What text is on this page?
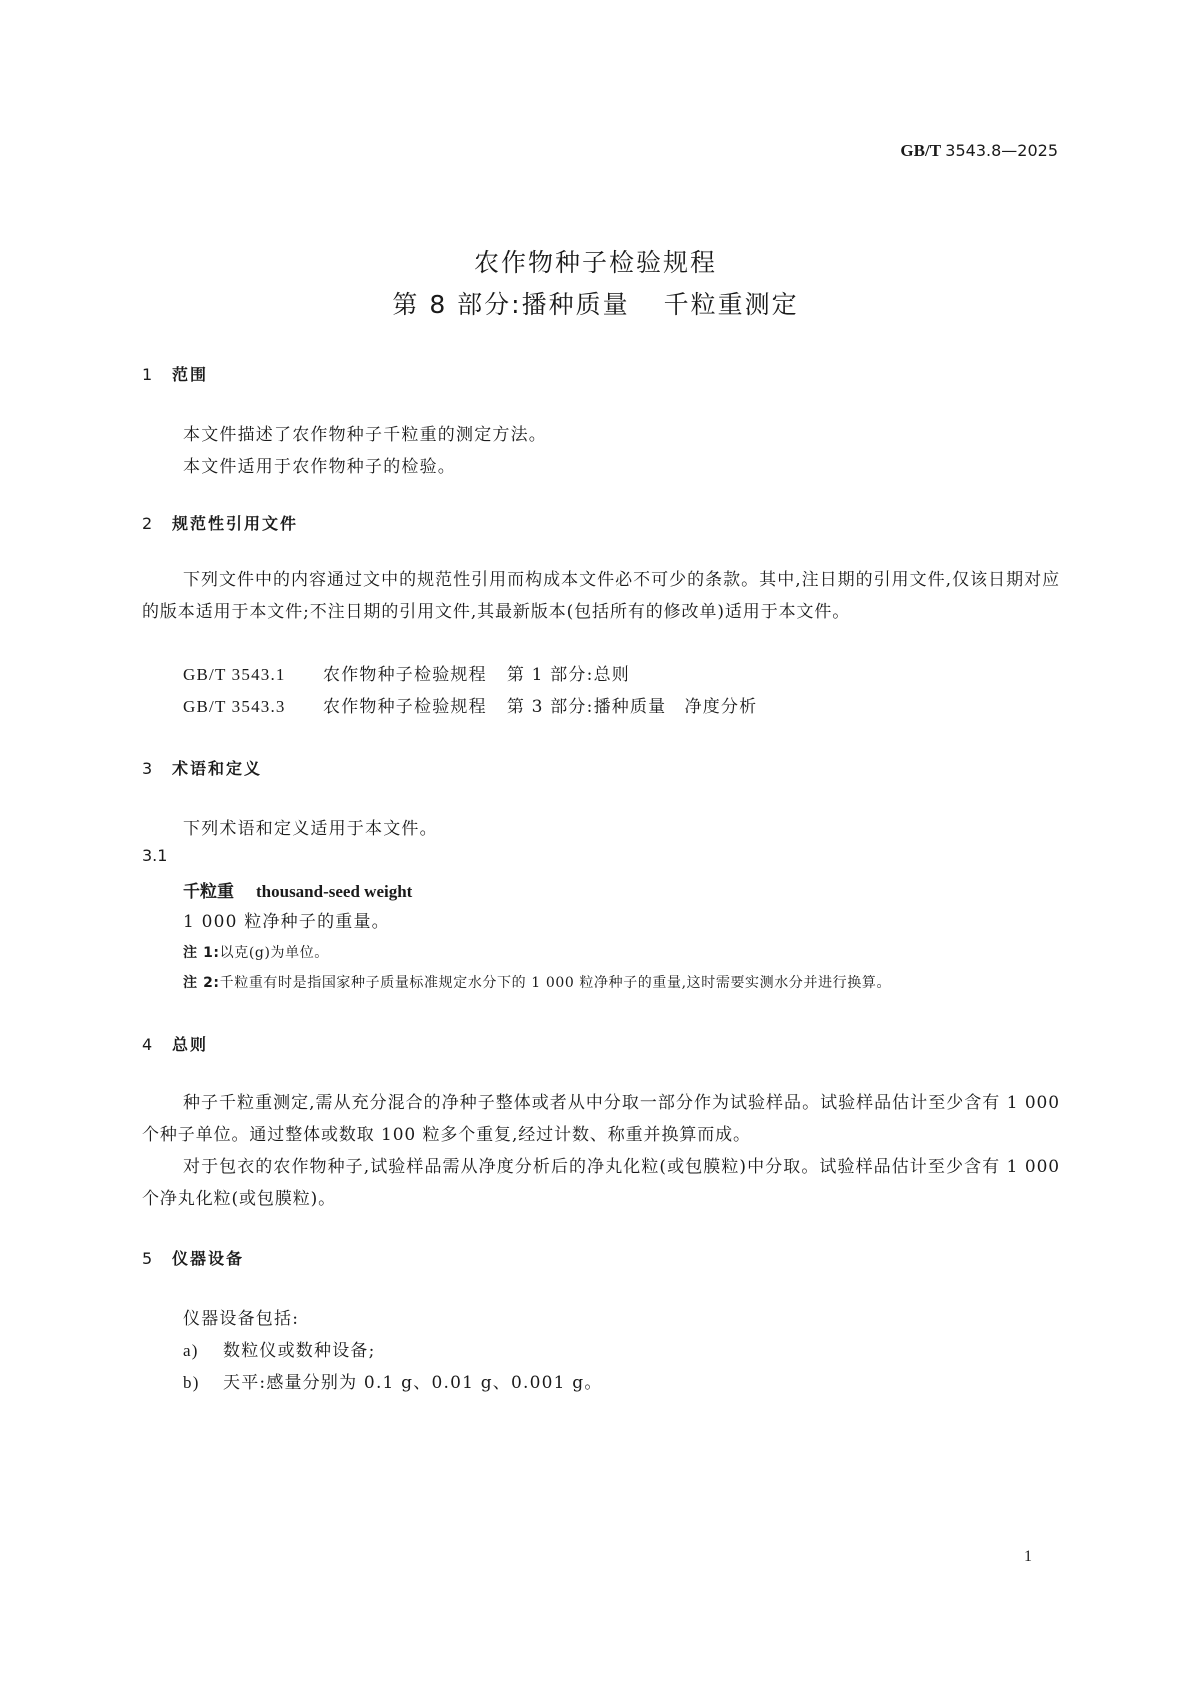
GB/T 3543.8—2025
农作物种子检验规程
第 8 部分:播种质量 千粒重测定
1 范围
本文件描述了农作物种子千粒重的测定方法。
本文件适用于农作物种子的检验。
2 规范性引用文件
下列文件中的内容通过文中的规范性引用而构成本文件必不可少的条款。其中,注日期的引用文件,仅该日期对应的版本适用于本文件;不注日期的引用文件,其最新版本(包括所有的修改单)适用于本文件。
GB/T 3543.1 农作物种子检验规程 第 1 部分:总则
GB/T 3543.3 农作物种子检验规程 第 3 部分:播种质量　净度分析
3 术语和定义
下列术语和定义适用于本文件。
3.1
千粒重 thousand-seed weight
1 000 粒净种子的重量。
注 1:以克(g)为单位。
注 2:千粒重有时是指国家种子质量标准规定水分下的 1 000 粒净种子的重量,这时需要实测水分并进行换算。
4 总则
种子千粒重测定,需从充分混合的净种子整体或者从中分取一部分作为试验样品。试验样品估计至少含有 1 000 个种子单位。通过整体或数取 100 粒多个重复,经过计数、称重并换算而成。
对于包衣的农作物种子,试验样品需从净度分析后的净丸化粒(或包膜粒)中分取。试验样品估计至少含有 1 000 个净丸化粒(或包膜粒)。
5 仪器设备
仪器设备包括:
a) 数粒仪或数种设备;
b) 天平:感量分别为 0.1 g、0.01 g、0.001 g。
1
